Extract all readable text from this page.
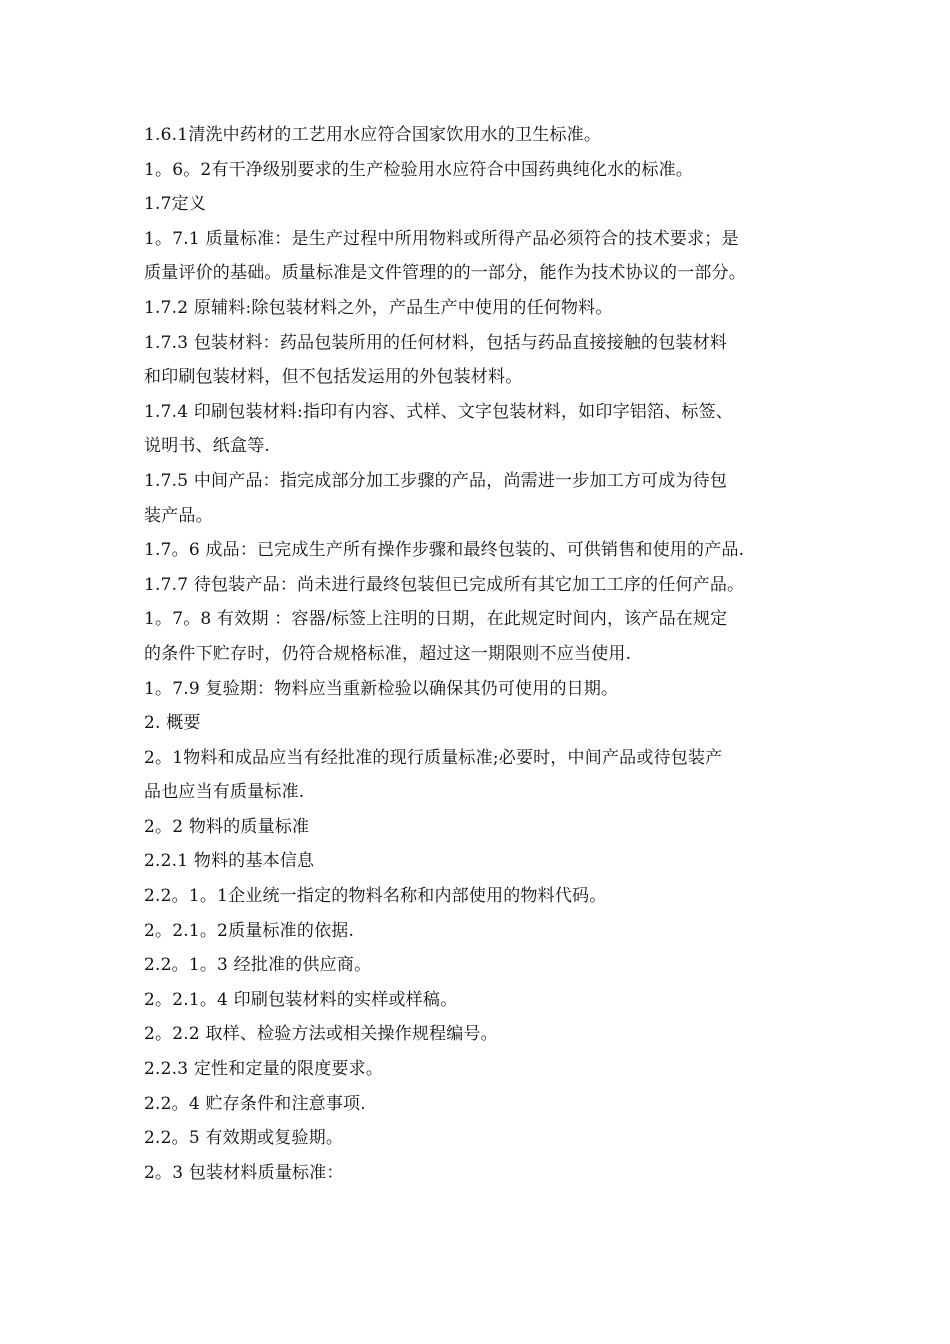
1.6.1清洗中药材的工艺用水应符合国家饮用水的卫生标准。
1。6。2有干净级别要求的生产检验用水应符合中国药典纯化水的标准。
1.7定义
1。7.1 质量标准：是生产过程中所用物料或所得产品必须符合的技术要求；是
质量评价的基础。质量标准是文件管理的的一部分，能作为技术协议的一部分。
1.7.2 原辅料:除包装材料之外，产品生产中使用的任何物料。
1.7.3 包装材料：药品包装所用的任何材料，包括与药品直接接触的包装材料
和印刷包装材料，但不包括发运用的外包装材料。
1.7.4 印刷包装材料:指印有内容、式样、文字包装材料，如印字铝箔、标签、
说明书、纸盒等.
1.7.5 中间产品：指完成部分加工步骤的产品，尚需进一步加工方可成为待包
装产品。
1.7。6 成品：已完成生产所有操作步骤和最终包装的、可供销售和使用的产品.
1.7.7 待包装产品：尚未进行最终包装但已完成所有其它加工工序的任何产品。
1。7。8 有效期 ：容器/标签上注明的日期，在此规定时间内，该产品在规定
的条件下贮存时，仍符合规格标准，超过这一期限则不应当使用.
1。7.9 复验期：物料应当重新检验以确保其仍可使用的日期。
2. 概要
2。1物料和成品应当有经批准的现行质量标准;必要时，中间产品或待包装产
品也应当有质量标准.
2。2 物料的质量标准
2.2.1 物料的基本信息
2.2。1。1企业统一指定的物料名称和内部使用的物料代码。
2。2.1。2质量标准的依据.
2.2。1。3 经批准的供应商。
2。2.1。4 印刷包装材料的实样或样稿。
2。2.2 取样、检验方法或相关操作规程编号。
2.2.3 定性和定量的限度要求。
2.2。4 贮存条件和注意事项.
2.2。5 有效期或复验期。
2。3 包装材料质量标准：
